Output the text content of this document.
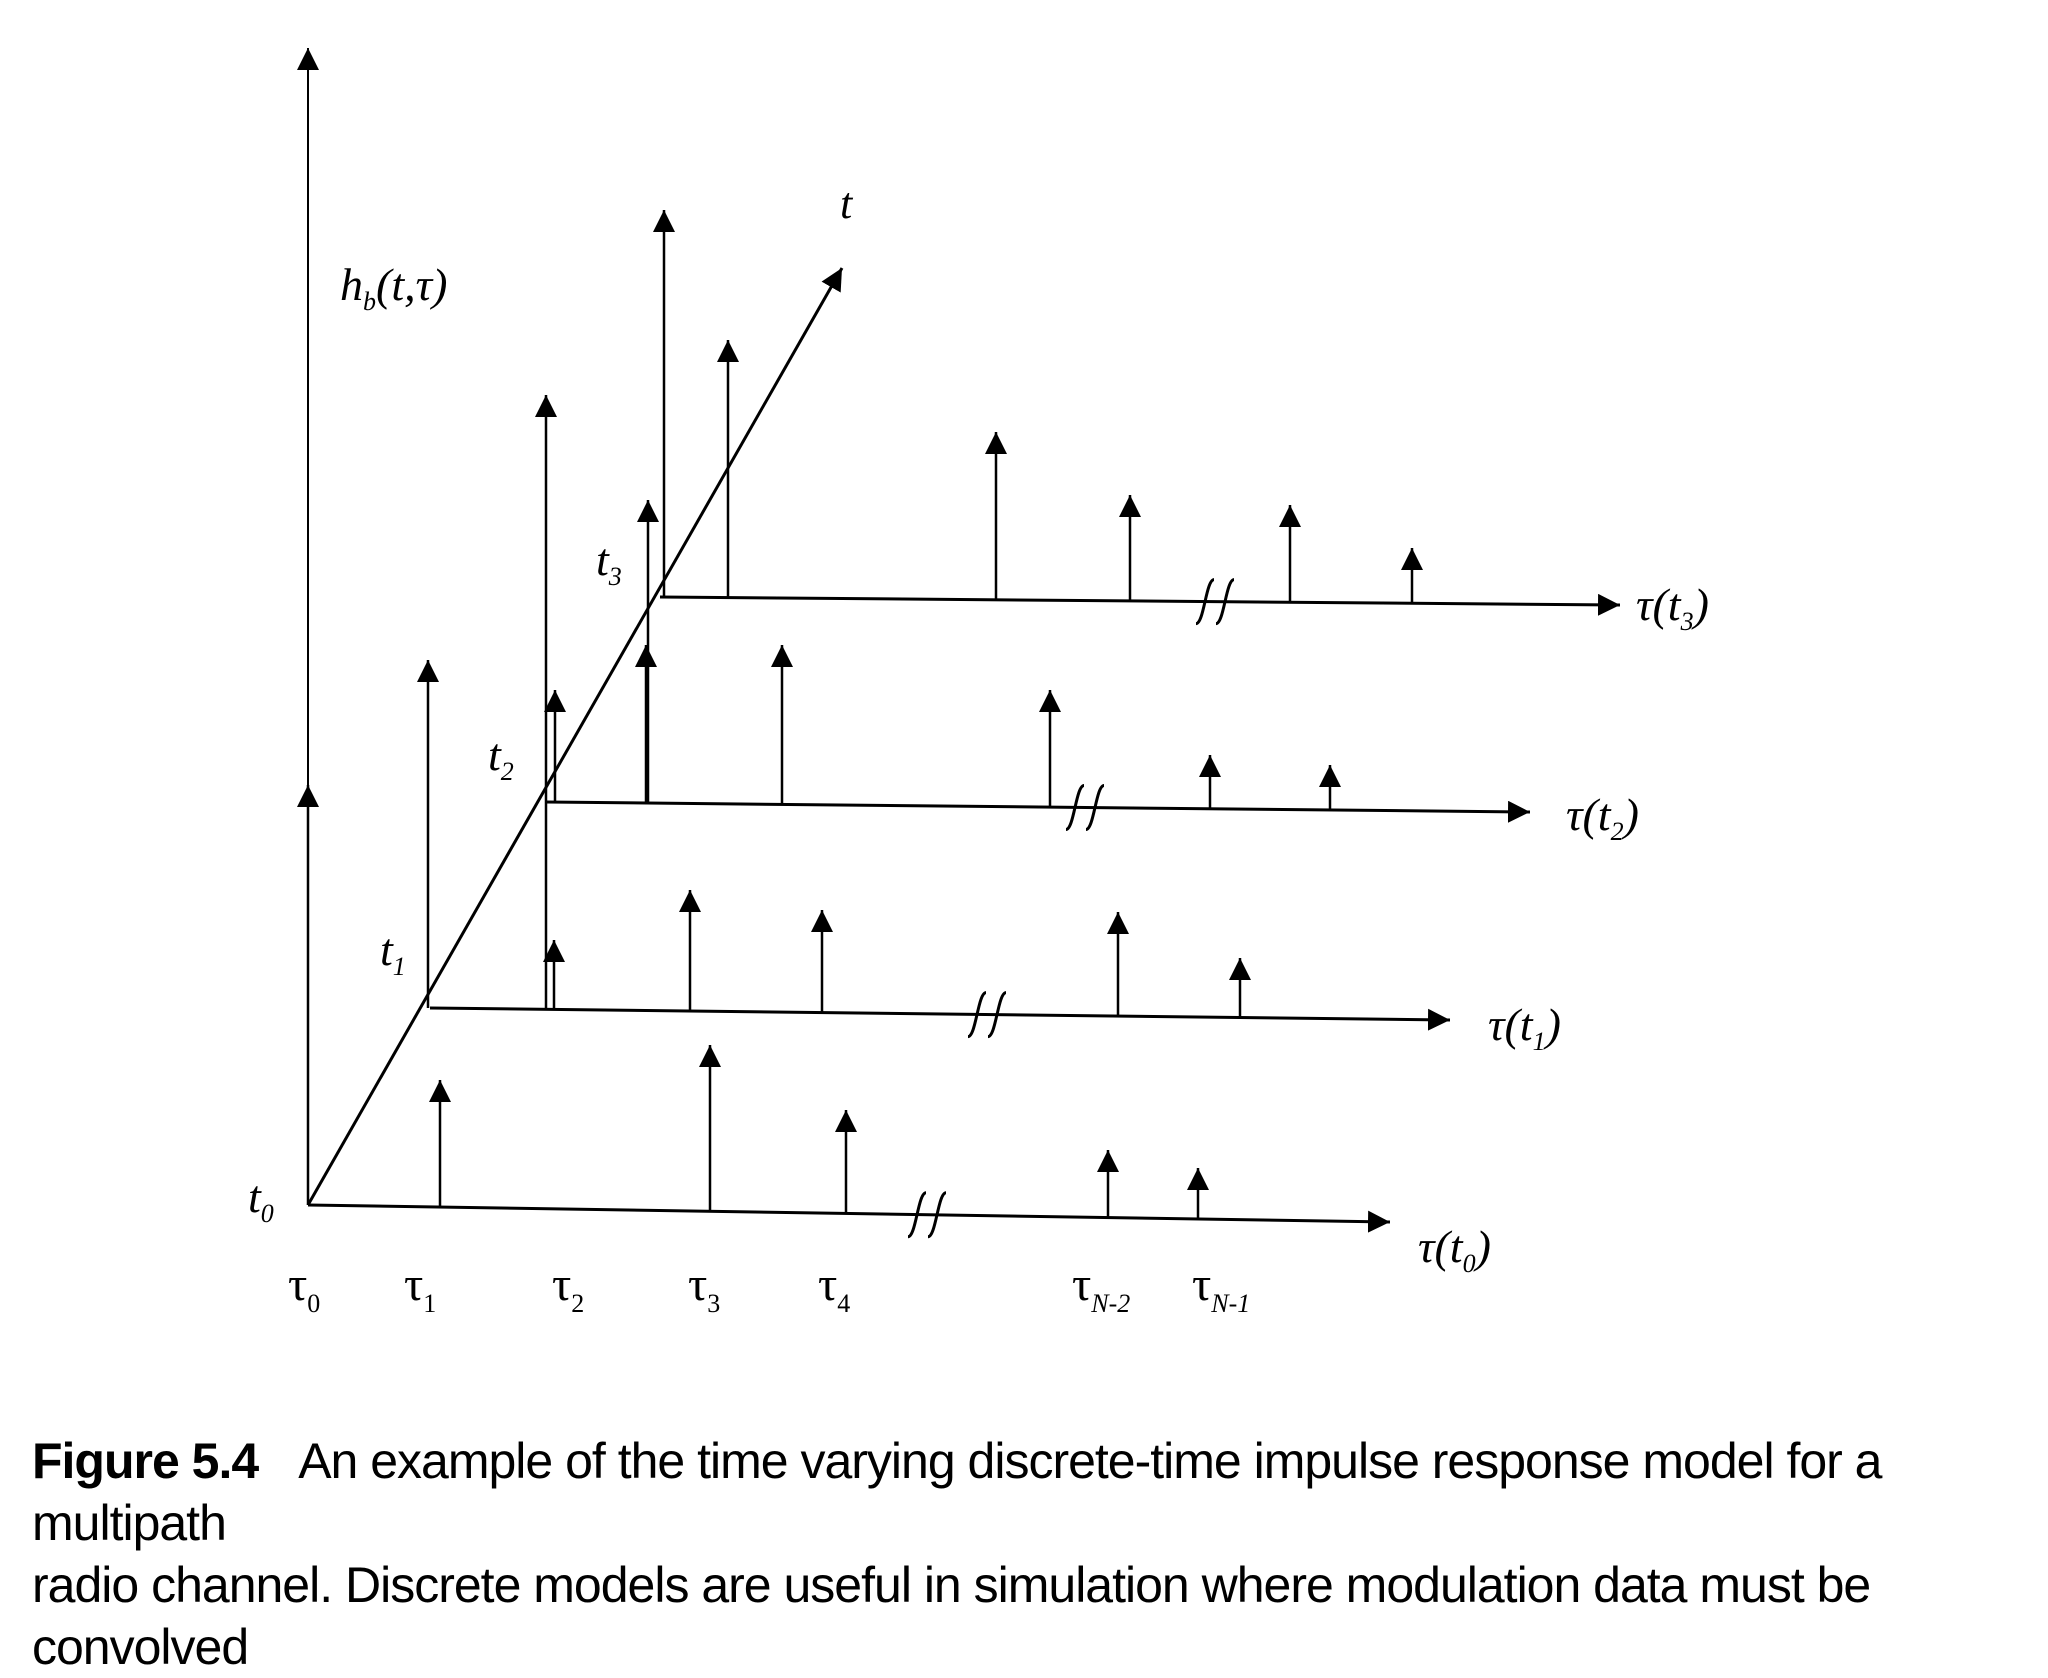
$h_b(t,\tau)$
t
$t_0$
$t_1$
$t_2$
$t_3$
$\tau(t_0)$
$\tau(t_1)$
$\tau(t_2)$
$\tau(t_3)$
$\tau_0$ $\tau_1$ $\tau_2$ $\tau_3$ $\tau_4$	$\tau_{N-2}$ $\tau_{N-1}$
Figure 5.4 An example of the time varying discrete-time impulse response model for a multipath
radio channel. Discrete models are useful in simulation where modulation data must be convolved
